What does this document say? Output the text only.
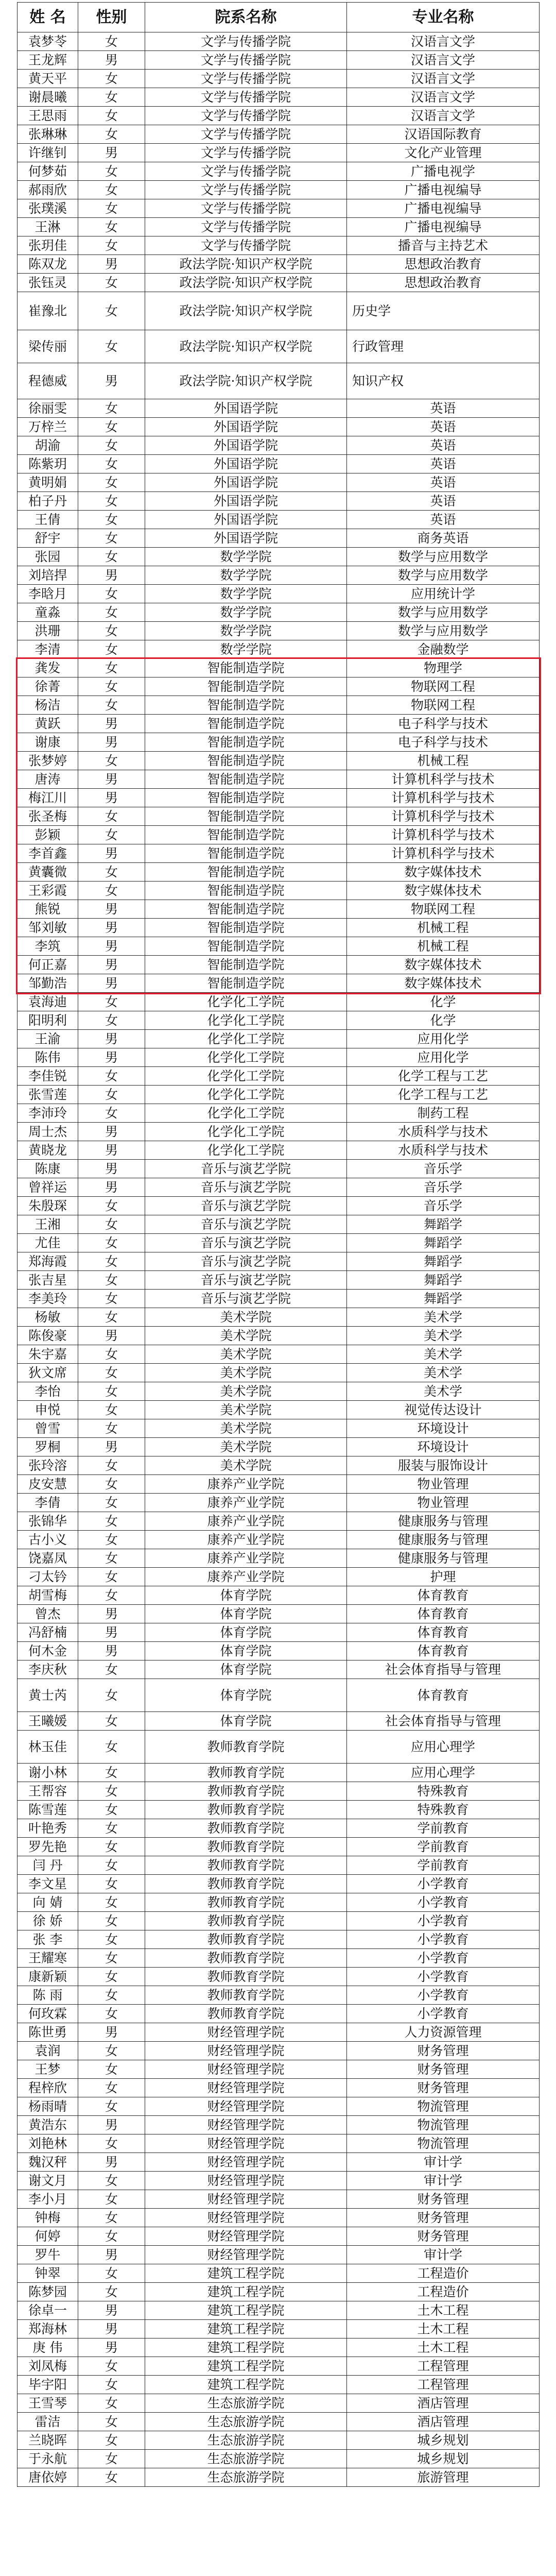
姓 名	性别	院系名称	专业名称
袁梦苓	女	文学与传播学院	汉语言文学
王龙辉	男	文学与传播学院	汉语言文学
黄天平	女	文学与传播学院	汉语言文学
谢晨曦	女	文学与传播学院	汉语言文学
王思雨	女	文学与传播学院	汉语言文学
张琳琳	女	文学与传播学院	汉语国际教育
许继钊	男	文学与传播学院	文化产业管理
何梦茹	女	文学与传播学院	广播电视学
郝雨欣	女	文学与传播学院	广播电视编导
张璞溪	女	文学与传播学院	广播电视编导
王淋	女	文学与传播学院	广播电视编导
张玥佳	女	文学与传播学院	播音与主持艺术
陈双龙	男	政法学院·知识产权学院	思想政治教育
张钰灵	女	政法学院·知识产权学院	思想政治教育
崔豫北	女	政法学院·知识产权学院	历史学
梁传丽	女	政法学院·知识产权学院	行政管理
程德威	男	政法学院·知识产权学院	知识产权
徐丽雯	女	外国语学院	英语
万梓兰	女	外国语学院	英语
胡渝	女	外国语学院	英语
陈紫玥	女	外国语学院	英语
黄明娟	女	外国语学院	英语
柏子丹	女	外国语学院	英语
王倩	女	外国语学院	英语
舒宇	女	外国语学院	商务英语
张园	女	数学学院	数学与应用数学
刘培捍	男	数学学院	数学与应用数学
李晗月	女	数学学院	应用统计学
童淼	女	数学学院	数学与应用数学
洪珊	女	数学学院	数学与应用数学
李清	女	数学学院	金融数学
龚发	女	智能制造学院	物理学
徐菁	女	智能制造学院	物联网工程
杨洁	女	智能制造学院	物联网工程
黄跃	男	智能制造学院	电子科学与技术
谢康	男	智能制造学院	电子科学与技术
张梦婷	女	智能制造学院	机械工程
唐涛	男	智能制造学院	计算机科学与技术
梅江川	男	智能制造学院	计算机科学与技术
张圣梅	女	智能制造学院	计算机科学与技术
彭颖	女	智能制造学院	计算机科学与技术
李首鑫	男	智能制造学院	计算机科学与技术
黄囊微	女	智能制造学院	数字媒体技术
王彩霞	女	智能制造学院	数字媒体技术
熊锐	男	智能制造学院	物联网工程
邹刘敏	男	智能制造学院	机械工程
李筑	男	智能制造学院	机械工程
何正嘉	男	智能制造学院	数字媒体技术
邹勤浩	男	智能制造学院	数字媒体技术
袁海迪	女	化学化工学院	化学
阳明利	女	化学化工学院	化学
王渝	男	化学化工学院	应用化学
陈伟	男	化学化工学院	应用化学
李佳锐	女	化学化工学院	化学工程与工艺
张雪莲	女	化学化工学院	化学工程与工艺
李沛玲	女	化学化工学院	制药工程
周士杰	男	化学化工学院	水质科学与技术
黄晓龙	男	化学化工学院	水质科学与技术
陈康	男	音乐与演艺学院	音乐学
曾祥运	男	音乐与演艺学院	音乐学
朱殷琛	女	音乐与演艺学院	音乐学
王湘	女	音乐与演艺学院	舞蹈学
尤佳	女	音乐与演艺学院	舞蹈学
郑海霞	女	音乐与演艺学院	舞蹈学
张吉星	女	音乐与演艺学院	舞蹈学
李美玲	女	音乐与演艺学院	舞蹈学
杨敏	女	美术学院	美术学
陈俊豪	男	美术学院	美术学
朱宇嘉	女	美术学院	美术学
狄文席	女	美术学院	美术学
李怡	女	美术学院	美术学
申悦	女	美术学院	视觉传达设计
曾雪	女	美术学院	环境设计
罗桐	男	美术学院	环境设计
张玲溶	女	美术学院	服装与服饰设计
皮安慧	女	康养产业学院	物业管理
李倩	女	康养产业学院	物业管理
张锦华	女	康养产业学院	健康服务与管理
古小义	女	康养产业学院	健康服务与管理
饶嘉凤	女	康养产业学院	健康服务与管理
刁太钤	女	康养产业学院	护理
胡雪梅	女	体育学院	体育教育
曾杰	男	体育学院	体育教育
冯舒楠	男	体育学院	体育教育
何木金	男	体育学院	体育教育
李庆秋	女	体育学院	社会体育指导与管理
黄士芮	女	体育学院	体育教育
王曦媛	女	体育学院	社会体育指导与管理
林玉佳	女	教师教育学院	应用心理学
谢小林	女	教师教育学院	应用心理学
王帮容	女	教师教育学院	特殊教育
陈雪莲	女	教师教育学院	特殊教育
叶艳秀	女	教师教育学院	学前教育
罗先艳	女	教师教育学院	学前教育
闫 丹	女	教师教育学院	学前教育
李文星	女	教师教育学院	小学教育
向 婧	女	教师教育学院	小学教育
徐 娇	女	教师教育学院	小学教育
张 李	女	教师教育学院	小学教育
王耀寒	女	教师教育学院	小学教育
康新颖	女	教师教育学院	小学教育
陈 雨	女	教师教育学院	小学教育
何玫霖	女	教师教育学院	小学教育
陈世勇	男	财经管理学院	人力资源管理
袁润	女	财经管理学院	财务管理
王梦	女	财经管理学院	财务管理
程梓欣	女	财经管理学院	财务管理
杨雨晴	女	财经管理学院	物流管理
黄浩东	男	财经管理学院	物流管理
刘艳林	女	财经管理学院	物流管理
魏汉秤	男	财经管理学院	审计学
谢文月	女	财经管理学院	审计学
李小月	女	财经管理学院	财务管理
钟梅	女	财经管理学院	财务管理
何婷	女	财经管理学院	财务管理
罗牛	男	财经管理学院	审计学
钟翠	女	建筑工程学院	工程造价
陈梦园	女	建筑工程学院	工程造价
徐卓一	男	建筑工程学院	土木工程
郑海林	男	建筑工程学院	土木工程
庚 伟	男	建筑工程学院	土木工程
刘凤梅	女	建筑工程学院	工程管理
毕宇阳	女	建筑工程学院	工程管理
王雪琴	女	生态旅游学院	酒店管理
雷洁	女	生态旅游学院	酒店管理
兰晓晖	女	生态旅游学院	城乡规划
于永航	女	生态旅游学院	城乡规划
唐依婷	女	生态旅游学院	旅游管理
